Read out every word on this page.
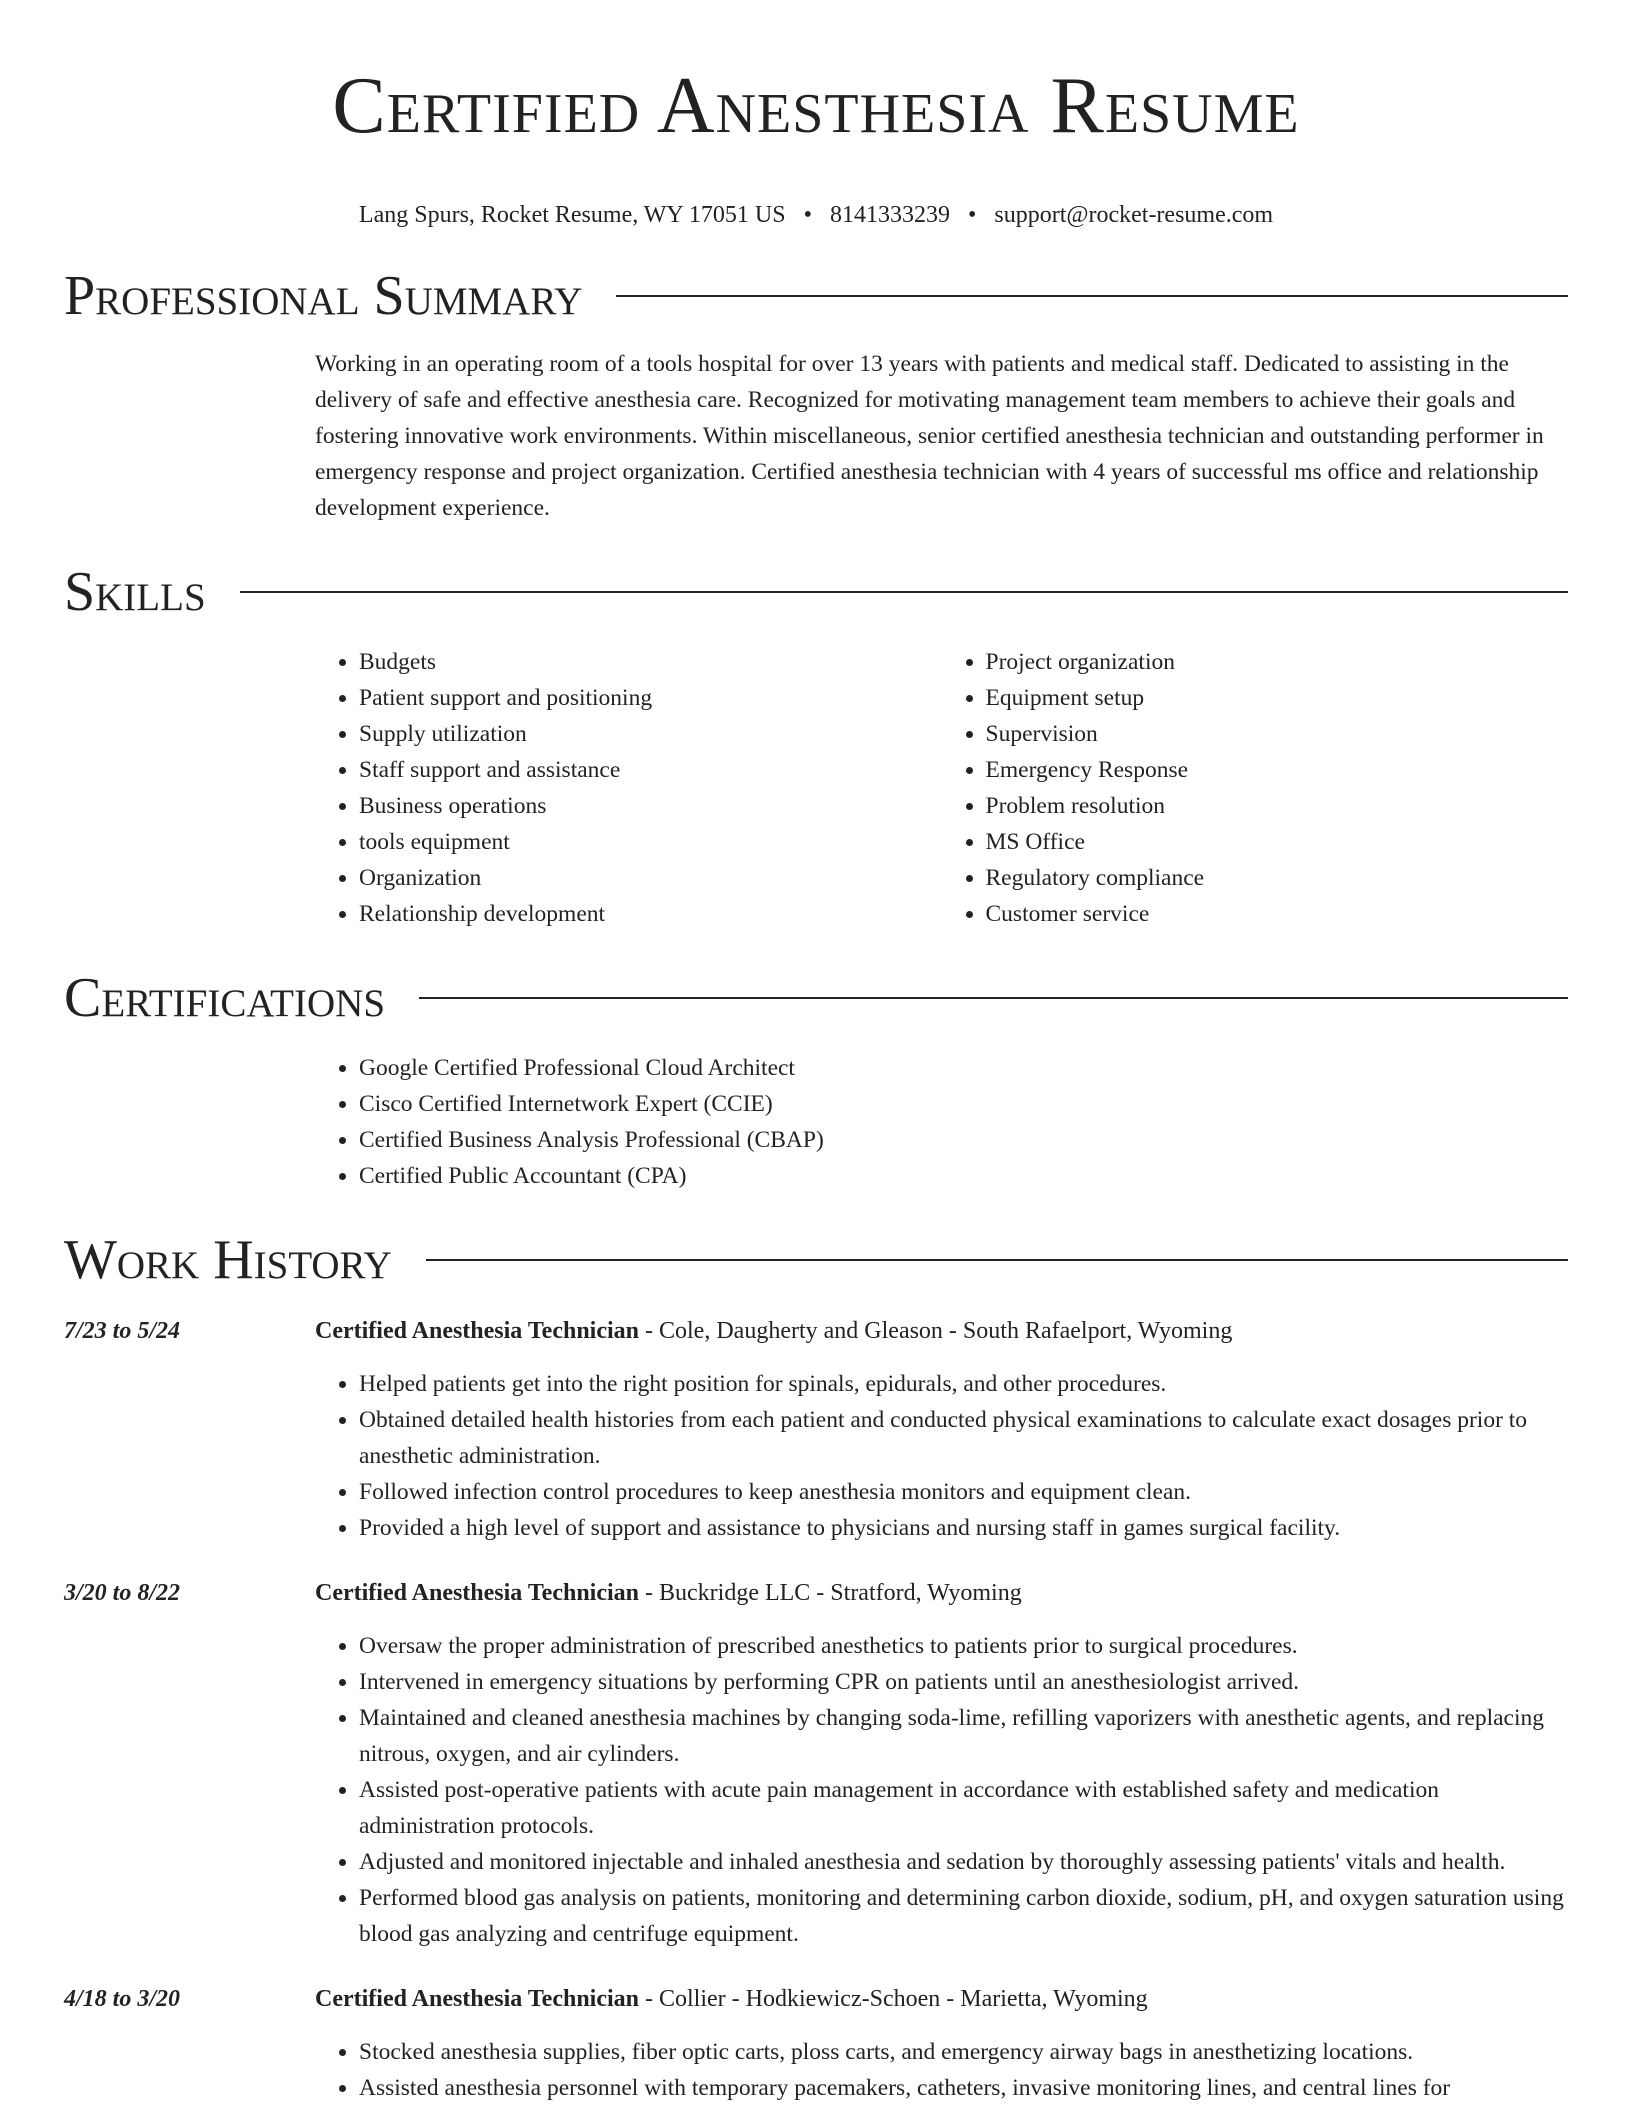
Certified Anesthesia Resume
Lang Spurs, Rocket Resume, WY 17051 US • 8141333239 • support@rocket-resume.com
Professional Summary
Working in an operating room of a tools hospital for over 13 years with patients and medical staff. Dedicated to assisting in the delivery of safe and effective anesthesia care. Recognized for motivating management team members to achieve their goals and fostering innovative work environments. Within miscellaneous, senior certified anesthesia technician and outstanding performer in emergency response and project organization. Certified anesthesia technician with 4 years of successful ms office and relationship development experience.
Skills
• Budgets
• Patient support and positioning
• Supply utilization
• Staff support and assistance
• Business operations
• tools equipment
• Organization
• Relationship development
• Project organization
• Equipment setup
• Supervision
• Emergency Response
• Problem resolution
• MS Office
• Regulatory compliance
• Customer service
Certifications
• Google Certified Professional Cloud Architect
• Cisco Certified Internetwork Expert (CCIE)
• Certified Business Analysis Professional (CBAP)
• Certified Public Accountant (CPA)
Work History
7/23 to 5/24	Certified Anesthesia Technician - Cole, Daugherty and Gleason - South Rafaelport, Wyoming
• Helped patients get into the right position for spinals, epidurals, and other procedures.
• Obtained detailed health histories from each patient and conducted physical examinations to calculate exact dosages prior to anesthetic administration.
• Followed infection control procedures to keep anesthesia monitors and equipment clean.
• Provided a high level of support and assistance to physicians and nursing staff in games surgical facility.
3/20 to 8/22	Certified Anesthesia Technician - Buckridge LLC - Stratford, Wyoming
• Oversaw the proper administration of prescribed anesthetics to patients prior to surgical procedures.
• Intervened in emergency situations by performing CPR on patients until an anesthesiologist arrived.
• Maintained and cleaned anesthesia machines by changing soda-lime, refilling vaporizers with anesthetic agents, and replacing nitrous, oxygen, and air cylinders.
• Assisted post-operative patients with acute pain management in accordance with established safety and medication administration protocols.
• Adjusted and monitored injectable and inhaled anesthesia and sedation by thoroughly assessing patients' vitals and health.
• Performed blood gas analysis on patients, monitoring and determining carbon dioxide, sodium, pH, and oxygen saturation using blood gas analyzing and centrifuge equipment.
4/18 to 3/20	Certified Anesthesia Technician - Collier - Hodkiewicz-Schoen - Marietta, Wyoming
• Stocked anesthesia supplies, fiber optic carts, ploss carts, and emergency airway bags in anesthetizing locations.
• Assisted anesthesia personnel with temporary pacemakers, catheters, invasive monitoring lines, and central lines for
